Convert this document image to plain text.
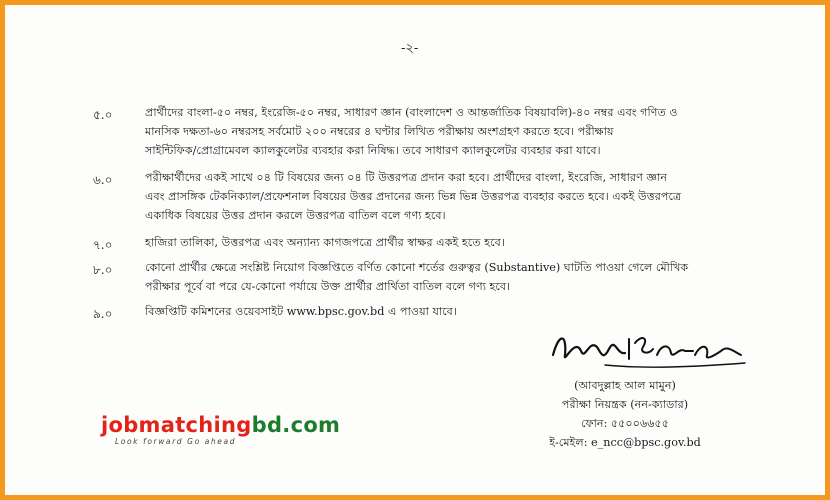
-২-
৫.০	প্রার্থীদের বাংলা-৫০ নম্বর, ইংরেজি-৫০ নম্বর, সাধারণ জ্ঞান (বাংলাদেশ ও আন্তর্জাতিক বিষয়াবলি)-৪০ নম্বর এবং গণিত ও
মানসিক দক্ষতা-৬০ নম্বরসহ সর্বমোট ২০০ নম্বরের ৪ ঘণ্টার লিখিত পরীক্ষায় অংশগ্রহণ করতে হবে। পরীক্ষায়
সাইন্টিফিক/প্রোগ্রামেবল ক্যালকুলেটর ব্যবহার করা নিষিদ্ধ। তবে সাধারণ ক্যালকুলেটর ব্যবহার করা যাবে।
৬.০	পরীক্ষার্থীদের একই সাথে ০৪ টি বিষয়ের জন্য ০৪ টি উত্তরপত্র প্রদান করা হবে। প্রার্থীদের বাংলা, ইংরেজি, সাধারণ জ্ঞান
এবং প্রাসঙ্গিক টেকনিক্যাল/প্রফেশনাল বিষয়ের উত্তর প্রদানের জন্য ভিন্ন ভিন্ন উত্তরপত্র ব্যবহার করতে হবে। একই উত্তরপত্রে
একাধিক বিষয়ের উত্তর প্রদান করলে উত্তরপত্র বাতিল বলে গণ্য হবে।
৭.০	হাজিরা তালিকা, উত্তরপত্র এবং অন্যান্য কাগজপত্রে প্রার্থীর স্বাক্ষর একই হতে হবে।
৮.০	কোনো প্রার্থীর ক্ষেত্রে সংশ্লিষ্ট নিয়োগ বিজ্ঞপ্তিতে বর্ণিত কোনো শর্তের গুরুত্বর (Substantive) ঘাটতি পাওয়া গেলে মৌখিক
পরীক্ষার পূর্বে বা পরে যে-কোনো পর্যায়ে উক্ত প্রার্থীর প্রার্থিতা বাতিল বলে গণ্য হবে।
৯.০	বিজ্ঞপ্তিটি কমিশনের ওয়েবসাইট www.bpsc.gov.bd এ পাওয়া যাবে।
(আবদুল্লাহ আল মামুন)
পরীক্ষা নিয়ন্ত্রক (নন-ক্যাডার)
ফোন: ৫৫০০৬৬৫৫
ই-মেইল: e_ncc@bpsc.gov.bd
jobmatchingbd.com
Look forward Go ahead
